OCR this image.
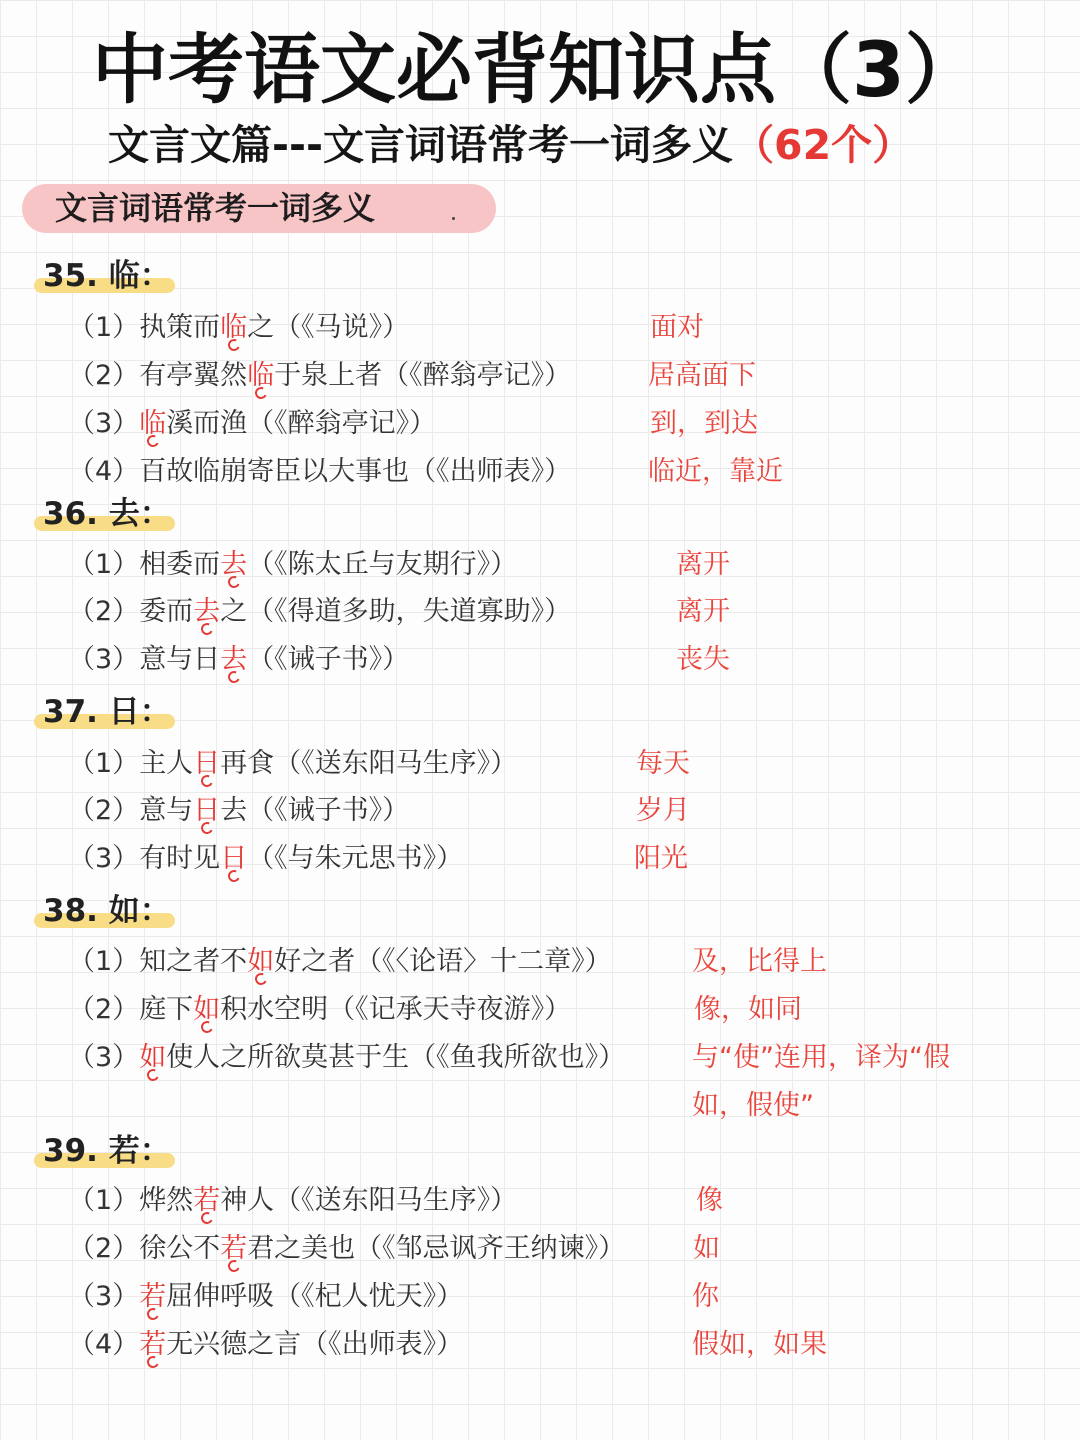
中考语文必背知识点（3）
文言文篇---文言词语常考一词多义（62个）
文言词语常考一词多义
35. 临：
（1） 执策而 临 之（《马说》）	面对
（2） 有亭翼然 临 于泉上者（《醉翁亭记》）	居高面下
（3） 临 溪而渔（《醉翁亭记》）	到，到达
（4） 百故临崩寄臣以大事也（《出师表》）	临近，靠近
36. 去：
（1） 相委而 去 （《陈太丘与友期行》）	离开
（2） 委而 去 之（《得道多助，失道寡助》）	离开
（3） 意与日 去 （《诫子书》）	丧失
37. 日：
（1） 主人 日 再食（《送东阳马生序》）	每天
（2） 意与 日 去（《诫子书》）	岁月
（3） 有时见 日 （《与朱元思书》）	阳光
38. 如：
（1） 知之者不 如 好之者（《〈论语〉十二章》）	及，比得上
（2） 庭下 如 积水空明（《记承天寺夜游》）	像，如同
（3） 如 使人之所欲莫甚于生（《鱼我所欲也》） 与“使”连用，译为“假
如，假使”
39. 若：
（1） 烨然 若 神人（《送东阳马生序》）	像
（2） 徐公不 若 君之美也（《邹忌讽齐王纳谏》）	如
（3） 若 屈伸呼吸（《杞人忧天》）	你
（4） 若 无兴德之言（《出师表》）	假如，如果
